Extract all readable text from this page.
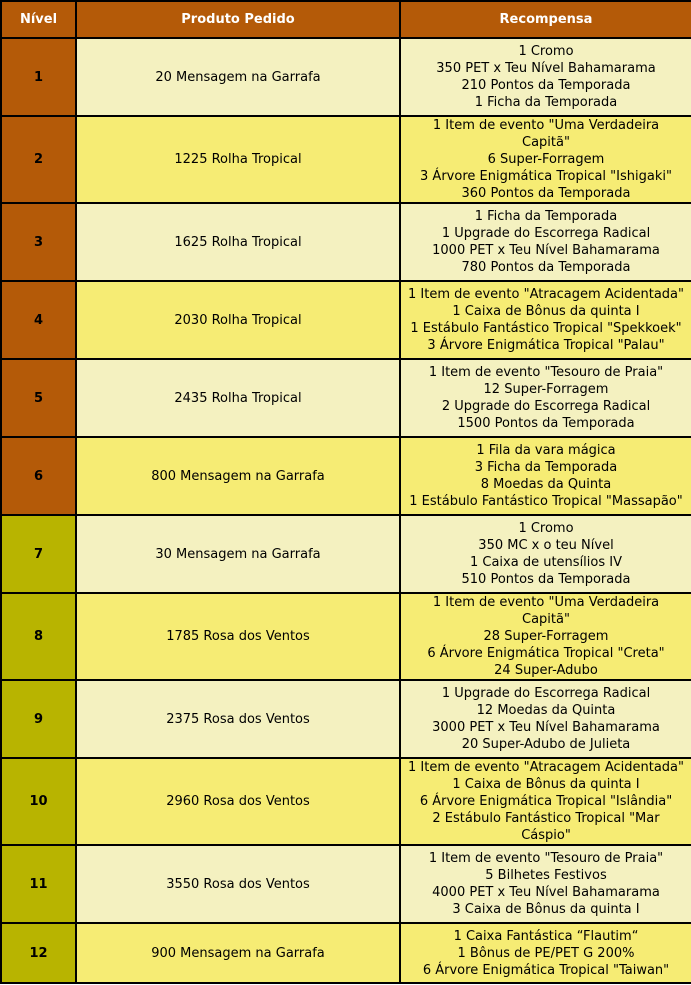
Nível	Produto Pedido	Recompensa
1	20 Mensagem na Garrafa	1 Cromo
350 PET x Teu Nível Bahamarama
210 Pontos da Temporada
1 Ficha da Temporada

2	1225 Rolha Tropical	1 Item de evento "Uma Verdadeira
Capitã"
6 Super-Forragem
3 Árvore Enigmática Tropical "Ishigaki"
360 Pontos da Temporada

3	1625 Rolha Tropical	1 Ficha da Temporada
1 Upgrade do Escorrega Radical
1000 PET x Teu Nível Bahamarama
780 Pontos da Temporada

4	2030 Rolha Tropical	1 Item de evento "Atracagem Acidentada"
1 Caixa de Bônus da quinta I
1 Estábulo Fantástico Tropical "Spekkoek"
3 Árvore Enigmática Tropical "Palau"

5	2435 Rolha Tropical	1 Item de evento "Tesouro de Praia"
12 Super-Forragem
2 Upgrade do Escorrega Radical
1500 Pontos da Temporada

6	800 Mensagem na Garrafa	1 Fila da vara mágica
3 Ficha da Temporada
8 Moedas da Quinta
1 Estábulo Fantástico Tropical "Massapão"

7	30 Mensagem na Garrafa	1 Cromo
350 MC x o teu Nível
1 Caixa de utensílios IV
510 Pontos da Temporada

8	1785 Rosa dos Ventos	1 Item de evento "Uma Verdadeira
Capitã"
28 Super-Forragem
6 Árvore Enigmática Tropical "Creta"
24 Super-Adubo

9	2375 Rosa dos Ventos	1 Upgrade do Escorrega Radical
12 Moedas da Quinta
3000 PET x Teu Nível Bahamarama
20 Super-Adubo de Julieta

10	2960 Rosa dos Ventos	1 Item de evento "Atracagem Acidentada"
1 Caixa de Bônus da quinta I
6 Árvore Enigmática Tropical "Islândia"
2 Estábulo Fantástico Tropical "Mar
Cáspio"

11	3550 Rosa dos Ventos	1 Item de evento "Tesouro de Praia"
5 Bilhetes Festivos
4000 PET x Teu Nível Bahamarama
3 Caixa de Bônus da quinta I

12	900 Mensagem na Garrafa	1 Caixa Fantástica “Flautim“
1 Bônus de PE/PET G 200%
6 Árvore Enigmática Tropical "Taiwan"
